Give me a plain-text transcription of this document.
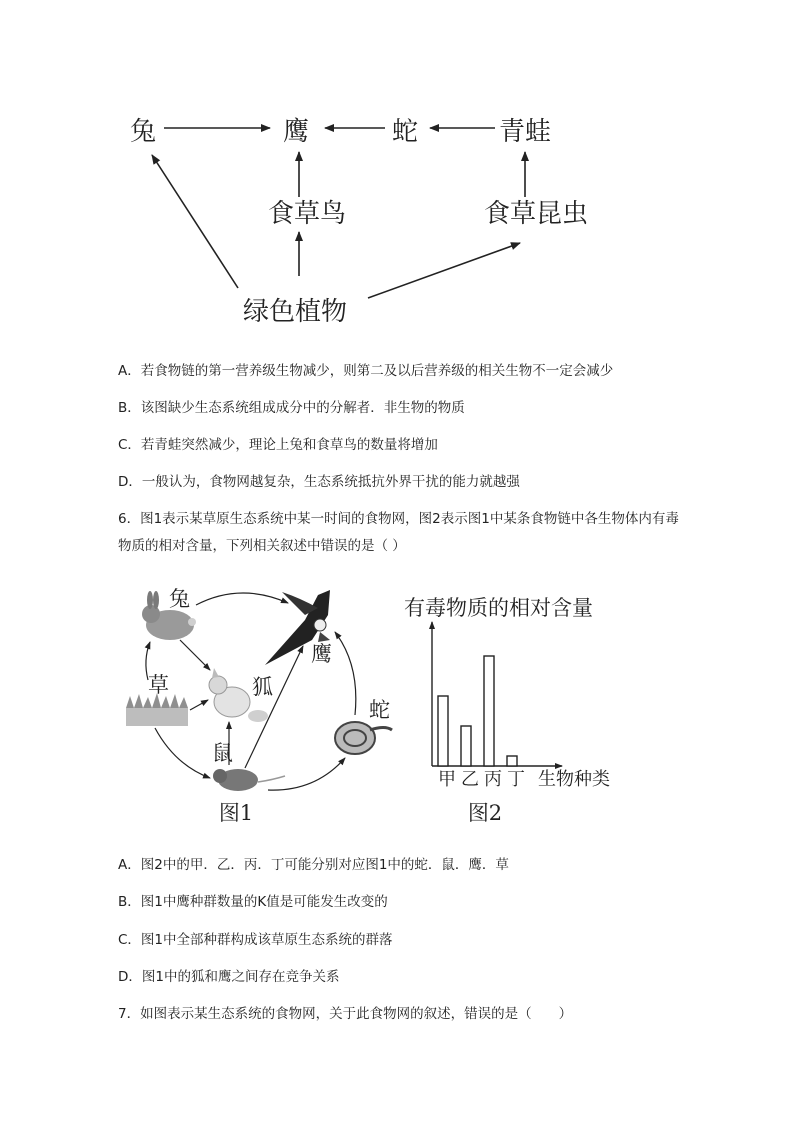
兔	鹰	蛇	青蛙
食草鸟	食草昆虫
绿色植物
A．若食物链的第一营养级生物减少，则第二及以后营养级的相关生物不一定会减少
B．该图缺少生态系统组成成分中的分解者．非生物的物质
C．若青蛙突然减少，理论上兔和食草鸟的数量将增加
D．一般认为，食物网越复杂，生态系统抵抗外界干扰的能力就越强
6．图1表示某草原生态系统中某一时间的食物网，图2表示图1中某条食物链中各生物体内有毒物质的相对含量，下列相关叙述中错误的是（ ）
兔
鹰
草	狐
蛇
鼠
图1
有毒物质的相对含量
甲 乙 丙 丁 生物种类
图2
A．图2中的甲．乙．丙．丁可能分别对应图1中的蛇．鼠．鹰．草
B．图1中鹰种群数量的K值是可能发生改变的
C．图1中全部种群构成该草原生态系统的群落
D．图1中的狐和鹰之间存在竞争关系
7．如图表示某生态系统的食物网，关于此食物网的叙述，错误的是（　　）
